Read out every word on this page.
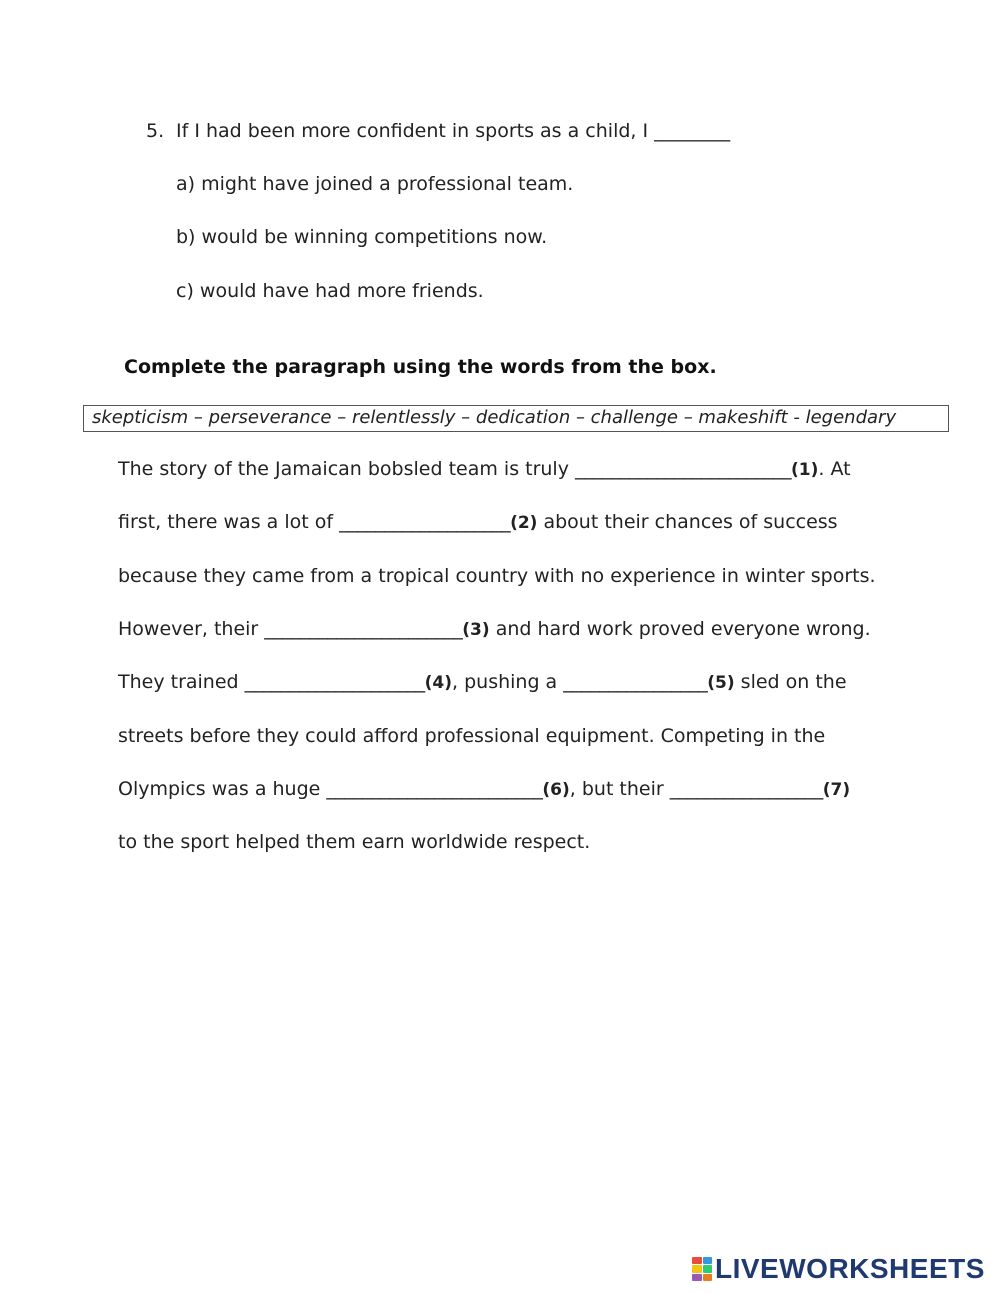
5. If I had been more confident in sports as a child, I ________
a) might have joined a professional team.
b) would be winning competitions now.
c) would have had more friends.
Complete the paragraph using the words from the box.
skepticism – perseverance – relentlessly – dedication – challenge – makeshift - legendary
The story of the Jamaican bobsled team is truly ________________________(1). At
first, there was a lot of ___________________(2) about their chances of success
because they came from a tropical country with no experience in winter sports.
However, their ______________________(3) and hard work proved everyone wrong.
They trained ____________________(4), pushing a ________________(5) sled on the
streets before they could afford professional equipment. Competing in the
Olympics was a huge ________________________(6), but their _________________(7)
to the sport helped them earn worldwide respect.
LIVEWORKSHEETS
